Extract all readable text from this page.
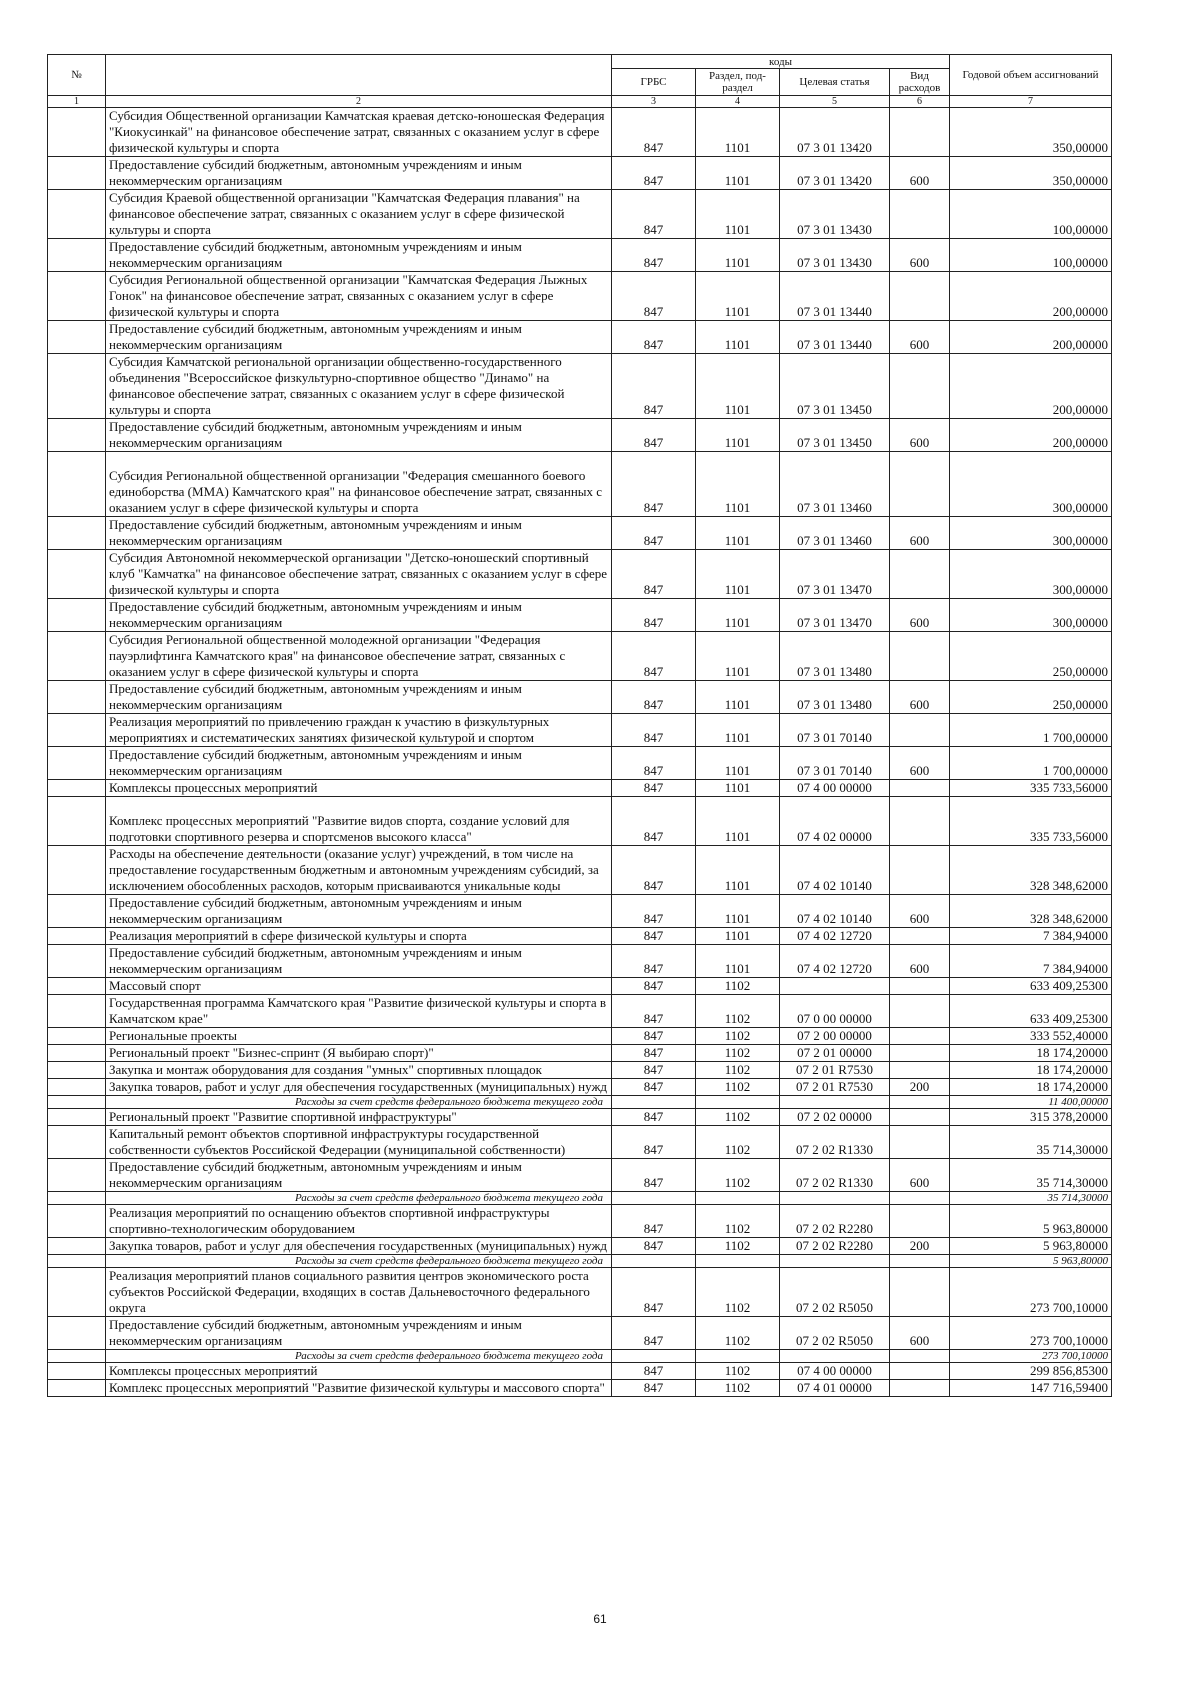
№		коды				Годовой объем ассигнований
		ГРБС	Раздел, под-раздел	Целевая статья	Вид расходов	
1	2	3	4	5	6	7
	Субсидия Общественной организации Камчатская краевая детско-юношеская Федерация "Киокусинкай" на финансовое обеспечение затрат, связанных с оказанием услуг в сфере физической культуры и спорта	847	1101	07 3 01 13420		350,00000
	Предоставление субсидий бюджетным, автономным учреждениям и иным некоммерческим организациям	847	1101	07 3 01 13420	600	350,00000
	Субсидия Краевой общественной организации "Камчатская Федерация плавания" на финансовое обеспечение затрат, связанных с оказанием услуг в сфере физической культуры и спорта	847	1101	07 3 01 13430		100,00000
	Предоставление субсидий бюджетным, автономным учреждениям и иным некоммерческим организациям	847	1101	07 3 01 13430	600	100,00000
	Субсидия Региональной общественной организации "Камчатская Федерация Лыжных Гонок" на финансовое обеспечение затрат, связанных с оказанием услуг в сфере физической культуры и спорта	847	1101	07 3 01 13440		200,00000
	Предоставление субсидий бюджетным, автономным учреждениям и иным некоммерческим организациям	847	1101	07 3 01 13440	600	200,00000
	Субсидия Камчатской региональной организации общественно-государственного объединения "Всероссийское физкультурно-спортивное общество "Динамо" на финансовое обеспечение затрат, связанных с оказанием услуг в сфере физической культуры и спорта	847	1101	07 3 01 13450		200,00000
	Предоставление субсидий бюджетным, автономным учреждениям и иным некоммерческим организациям	847	1101	07 3 01 13450	600	200,00000
	Субсидия Региональной общественной организации "Федерация смешанного боевого единоборства (ММА) Камчатского края" на финансовое обеспечение затрат, связанных с оказанием услуг в сфере физической культуры и спорта	847	1101	07 3 01 13460		300,00000
	Предоставление субсидий бюджетным, автономным учреждениям и иным некоммерческим организациям	847	1101	07 3 01 13460	600	300,00000
	Субсидия Автономной некоммерческой организации "Детско-юношеский спортивный клуб "Камчатка" на финансовое обеспечение затрат, связанных с оказанием услуг в сфере физической культуры и спорта	847	1101	07 3 01 13470		300,00000
	Предоставление субсидий бюджетным, автономным учреждениям и иным некоммерческим организациям	847	1101	07 3 01 13470	600	300,00000
	Субсидия Региональной общественной молодежной организации "Федерация пауэрлифтинга Камчатского края" на финансовое обеспечение затрат, связанных с оказанием услуг в сфере физической культуры и спорта	847	1101	07 3 01 13480		250,00000
	Предоставление субсидий бюджетным, автономным учреждениям и иным некоммерческим организациям	847	1101	07 3 01 13480	600	250,00000
	Реализация мероприятий по привлечению граждан к участию в физкультурных мероприятиях и систематических занятиях физической культурой и спортом	847	1101	07 3 01 70140		1 700,00000
	Предоставление субсидий бюджетным, автономным учреждениям и иным некоммерческим организациям	847	1101	07 3 01 70140	600	1 700,00000
	Комплексы процессных мероприятий	847	1101	07 4 00 00000		335 733,56000
	Комплекс процессных мероприятий "Развитие видов спорта, создание условий для подготовки спортивного резерва и спортсменов высокого класса"	847	1101	07 4 02 00000		335 733,56000
	Расходы на обеспечение деятельности (оказание услуг) учреждений, в том числе на предоставление государственным бюджетным и автономным учреждениям субсидий, за исключением обособленных расходов, которым присваиваются уникальные коды	847	1101	07 4 02 10140		328 348,62000
	Предоставление субсидий бюджетным, автономным учреждениям и иным некоммерческим организациям	847	1101	07 4 02 10140	600	328 348,62000
	Реализация мероприятий в сфере физической культуры и спорта	847	1101	07 4 02 12720		7 384,94000
	Предоставление субсидий бюджетным, автономным учреждениям и иным некоммерческим организациям	847	1101	07 4 02 12720	600	7 384,94000
	Массовый спорт	847	1102			633 409,25300
	Государственная программа Камчатского края "Развитие физической культуры и спорта в Камчатском крае"	847	1102	07 0 00 00000		633 409,25300
	Региональные проекты	847	1102	07 2 00 00000		333 552,40000
	Региональный проект "Бизнес-спринт (Я выбираю спорт)"	847	1102	07 2 01 00000		18 174,20000
	Закупка и монтаж оборудования для создания "умных" спортивных площадок	847	1102	07 2 01 R7530		18 174,20000
	Закупка товаров, работ и услуг для обеспечения государственных (муниципальных) нужд	847	1102	07 2 01 R7530	200	18 174,20000
	Расходы за счет средств федерального бюджета текущего года					11 400,00000
	Региональный проект "Развитие спортивной инфраструктуры"	847	1102	07 2 02 00000		315 378,20000
	Капитальный ремонт объектов спортивной инфраструктуры государственной собственности субъектов Российской Федерации (муниципальной собственности)	847	1102	07 2 02 R1330		35 714,30000
	Предоставление субсидий бюджетным, автономным учреждениям и иным некоммерческим организациям	847	1102	07 2 02 R1330	600	35 714,30000
	Расходы за счет средств федерального бюджета текущего года					35 714,30000
	Реализация мероприятий по оснащению объектов спортивной инфраструктуры спортивно-технологическим оборудованием	847	1102	07 2 02 R2280		5 963,80000
	Закупка товаров, работ и услуг для обеспечения государственных (муниципальных) нужд	847	1102	07 2 02 R2280	200	5 963,80000
	Расходы за счет средств федерального бюджета текущего года					5 963,80000
	Реализация мероприятий планов социального развития центров экономического роста субъектов Российской Федерации, входящих в состав Дальневосточного федерального округа	847	1102	07 2 02 R5050		273 700,10000
	Предоставление субсидий бюджетным, автономным учреждениям и иным некоммерческим организациям	847	1102	07 2 02 R5050	600	273 700,10000
	Расходы за счет средств федерального бюджета текущего года					273 700,10000
	Комплексы процессных мероприятий	847	1102	07 4 00 00000		299 856,85300
	Комплекс процессных мероприятий "Развитие физической культуры и массового спорта"	847	1102	07 4 01 00000		147 716,59400
61
